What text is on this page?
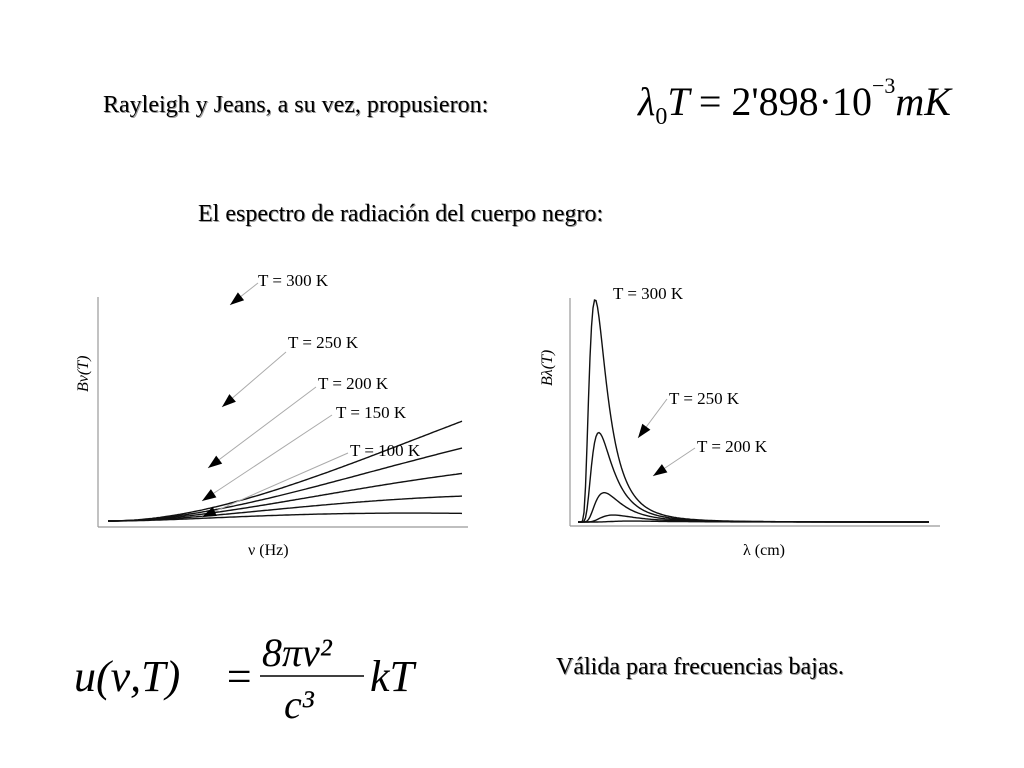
Rayleigh y Jeans, a su vez, propusieron:	$\lambda_0T = 2'898\cdot 10^{-3}mK$
El espectro de radiación del cuerpo negro:
Bν(T)
ν (Hz)
T = 300 K
T = 250 K
T = 200 K
T = 150 K
T = 100 K
Bλ(T)
λ (cm)
T = 300 K
T = 250 K
T = 200 K
u(ν,T) = 8πν²
c³
kT	Válida para frecuencias bajas.
